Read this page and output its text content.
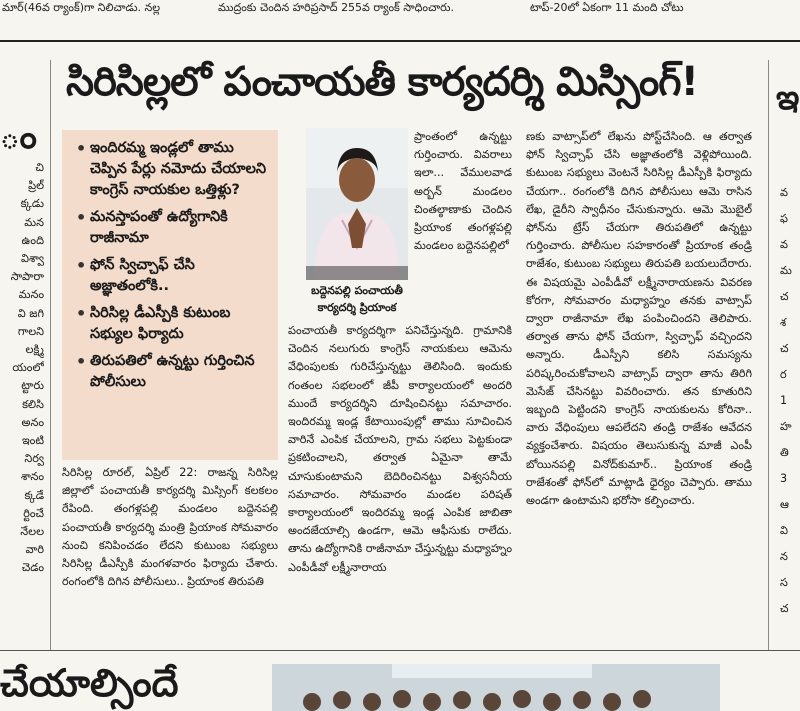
మార్(46వ ర్యాంక్)గా నిలిచాడు. నల్ల	ముద్రంకు చెందిన హరిప్రసాద్ 255వ ర్యాంక్ సాధించారు.	టాప్-20లో ఏకంగా 11 మంది చోటు
ం
చి
ప్రిల్
క్కడు
మన
ఉంది
విశ్వా
సాపారా
మనం
వి జగి
గాలని
లక్ష్మి
యంలో
ట్టారు
కలిసి
అనం
ఇంటి
నిర్వ
శానం
క్కడే
ర్టించే
నేలల
వారి
చెడం
సిరిసిల్లలో పంచాయతీ కార్యదర్శి మిస్సింగ్!
• ఇందిరమ్మ ఇండ్లలో తాము చెప్పిన పేర్లు నమోదు చేయాలని కాంగ్రెస్ నాయకుల ఒత్తిళ్లు?
• మనస్తాపంతో ఉద్యోగానికి రాజీనామా
• ఫోన్ స్విచ్చాఫ్ చేసి అజ్ఞాతంలోకి..
• సిరిసిల్ల డీఎస్పీకి కుటుంబ సభ్యుల ఫిర్యాదు
• తిరుపతిలో ఉన్నట్టు గుర్తించిన పోలీసులు
బద్దెనపల్లి పంచాయతీ కార్యదర్శి ప్రియాంక

సిరిసిల్ల రూరల్, ఏప్రిల్ 22: రాజన్న సిరిసిల్ల జిల్లాలో పంచాయతీ కార్యదర్శి మిస్సింగ్ కలకలం రేపింది. తంగళ్లపల్లి మండలం బద్దెనపల్లి పంచాయతీ కార్యదర్శి మంత్రి ప్రియాంక సోమవారం నుంచి కనిపించడం లేదని కుటుంబ సభ్యులు సిరిసిల్ల డీఎస్పీకి మంగళవారం ఫిర్యాదు చేశారు. రంగంలోకి దిగిన పోలీసులు.. ప్రియాంక తిరుపతి

ప్రాంతంలో ఉన్నట్టు గుర్తించారు. వివరాలు ఇలా... వేములవాడ అర్బన్ మండలం చింతల్ఠాణాకు చెందిన ప్రియాంక తంగళ్లపల్లి మండలం బద్దెనపల్లిలో

పంచాయతీ కార్యదర్శిగా పనిచేస్తున్నది. గ్రామానికి చెందిన నలుగురు కాంగ్రెస్ నాయకులు ఆమెను వేధింపులకు గురిచేస్తున్నట్టు తెలిసింది. ఇందుకు గంతంల సభలంలో జీపీ కార్యాలయంలో అందరి ముందే కార్యదర్శిని దూషించినట్టు సమాచారం. ఇందిరమ్మ ఇండ్ల కేటాయింపుల్లో తాము సూచించిన వారినే ఎంపిక చేయాలని, గ్రామ సభలు పెట్టకుండా ప్రకటించాలని, తర్వాత ఏమైనా తామే చూసుకుంటామని బెదిరించినట్టు విశ్వసనీయ సమాచారం. సోమవారం మండల పరిషత్ కార్యాలయంలో ఇందిరమ్మ ఇండ్ల ఎంపిక జాబితా అందజేయాల్సి ఉండగా, ఆమె ఆఫీసుకు రాలేదు. తాను ఉద్యోగానికి రాజీనామా చేస్తున్నట్టు మధ్యాహ్నం ఎంపీడీవో లక్ష్మీనారాయ

ణకు వాట్సాప్‌లో లేఖను పోస్ట్‌చేసింది. ఆ తర్వాత ఫోన్ స్విచ్చాఫ్ చేసి అజ్ఞాతంలోకి వెళ్లిపోయింది. కుటుంబ సభ్యులు వెంటనే సిరిసిల్ల డీఎస్పీకి ఫిర్యాదు చేయగా.. రంగంలోకి దిగిన పోలీసులు ఆమె రాసిన లేఖ, డైరీని స్వాధీనం చేసుకున్నారు. ఆమె మొబైల్ ఫోన్‌ను ట్రేస్ చేయగా తిరుపతిలో ఉన్నట్టు గుర్తించారు. పోలీసుల సహకారంతో ప్రియాంక తండ్రి రాజేశం, కుటుంబ సభ్యులు తిరుపతి బయలుదేరారు. ఈ విషయమై ఎంపీడీవో లక్ష్మీనారాయణను వివరణ కోరగా, సోమవారం మధ్యాహ్నం తనకు వాట్సాప్ ద్వారా రాజీనామా లేఖ పంపించిందని తెలిపారు. తర్వాత తాను ఫోన్ చేయగా, స్విచ్ఛాఫ్ వచ్చిందని అన్నారు. డీఎస్పీని కలిసి సమస్యను పరిష్కరించుకోవాలని వాట్సాప్ ద్వారా తాను తిరిగి మెసేజ్ చేసినట్టు వివరించారు. తన కూతురిని ఇబ్బంది పెట్టిందని కాంగ్రెస్ నాయకులను కోరినా.. వారు వేధింపులు ఆపలేదని తండ్రి రాజేశం ఆవేదన వ్యక్తంచేశారు. విషయం తెలుసుకున్న మాజీ ఎంపీ బోయినపల్లి వినోద్‌కుమార్.. ప్రియాంక తండ్రి రాజేశంతో ఫోన్‌లో మాట్లాడి ధైర్యం చెప్పారు. తాము అండగా ఉంటామని భరోసా కల్పించారు.

వ
ఫ
వ
మ
చ
శ
చ
ర
1
హ
తి
3
ఆ
వి
న
స
చ
ఇ
చేయాల్సిందే
